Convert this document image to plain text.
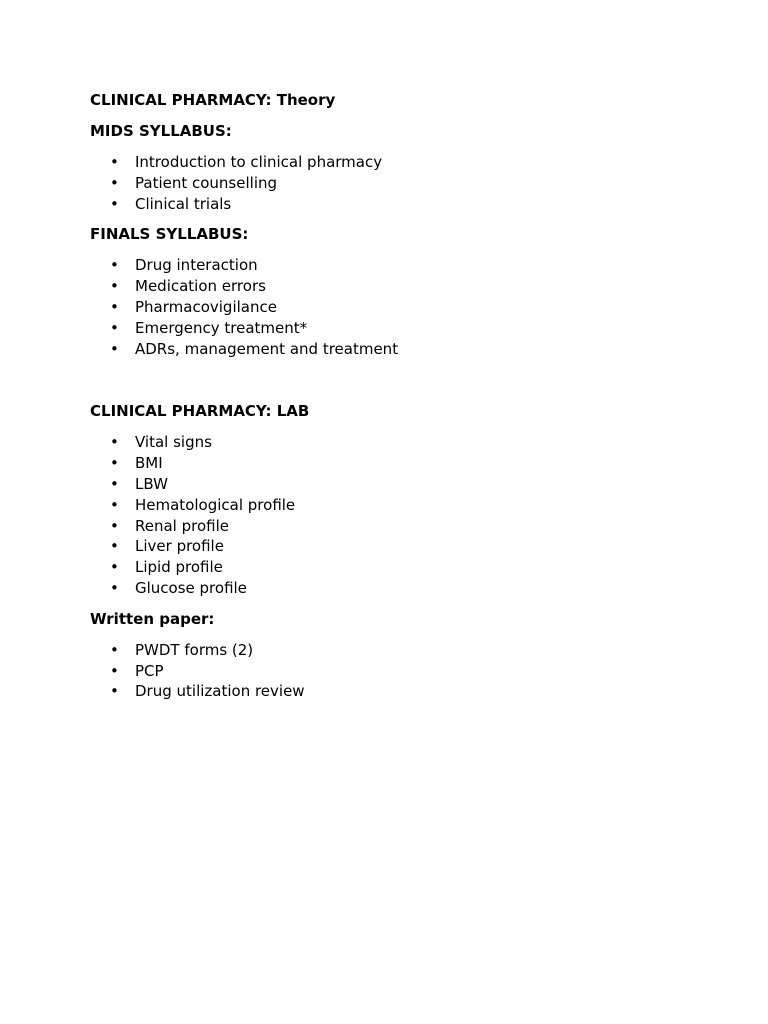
CLINICAL PHARMACY: Theory
MIDS SYLLABUS:
• Introduction to clinical pharmacy
• Patient counselling
• Clinical trials
FINALS SYLLABUS:
• Drug interaction
• Medication errors
• Pharmacovigilance
• Emergency treatment*
• ADRs, management and treatment
CLINICAL PHARMACY: LAB
• Vital signs
• BMI
• LBW
• Hematological profile
• Renal profile
• Liver profile
• Lipid profile
• Glucose profile
Written paper:
• PWDT forms (2)
• PCP
• Drug utilization review
